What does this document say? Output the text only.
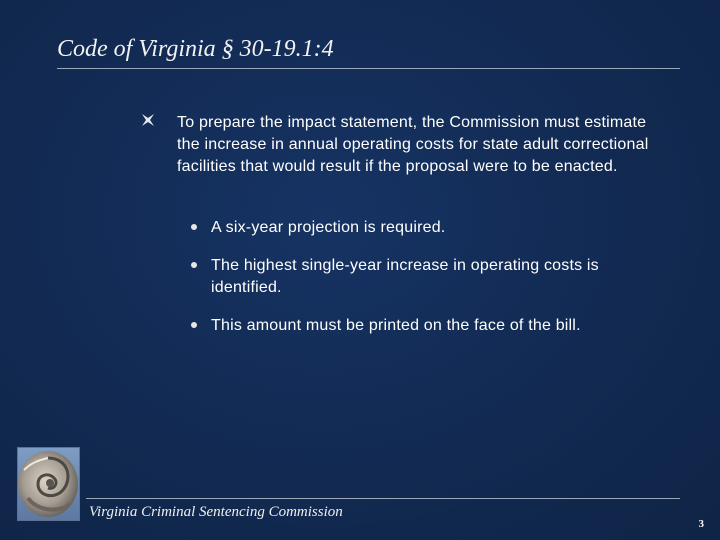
Code of Virginia § 30-19.1:4
To prepare the impact statement, the Commission must estimate the increase in annual operating costs for state adult correctional facilities that would result if the proposal were to be enacted.
A six-year projection is required.
The highest single-year increase in operating costs is identified.
This amount must be printed on the face of the bill.
Virginia Criminal Sentencing Commission
3
